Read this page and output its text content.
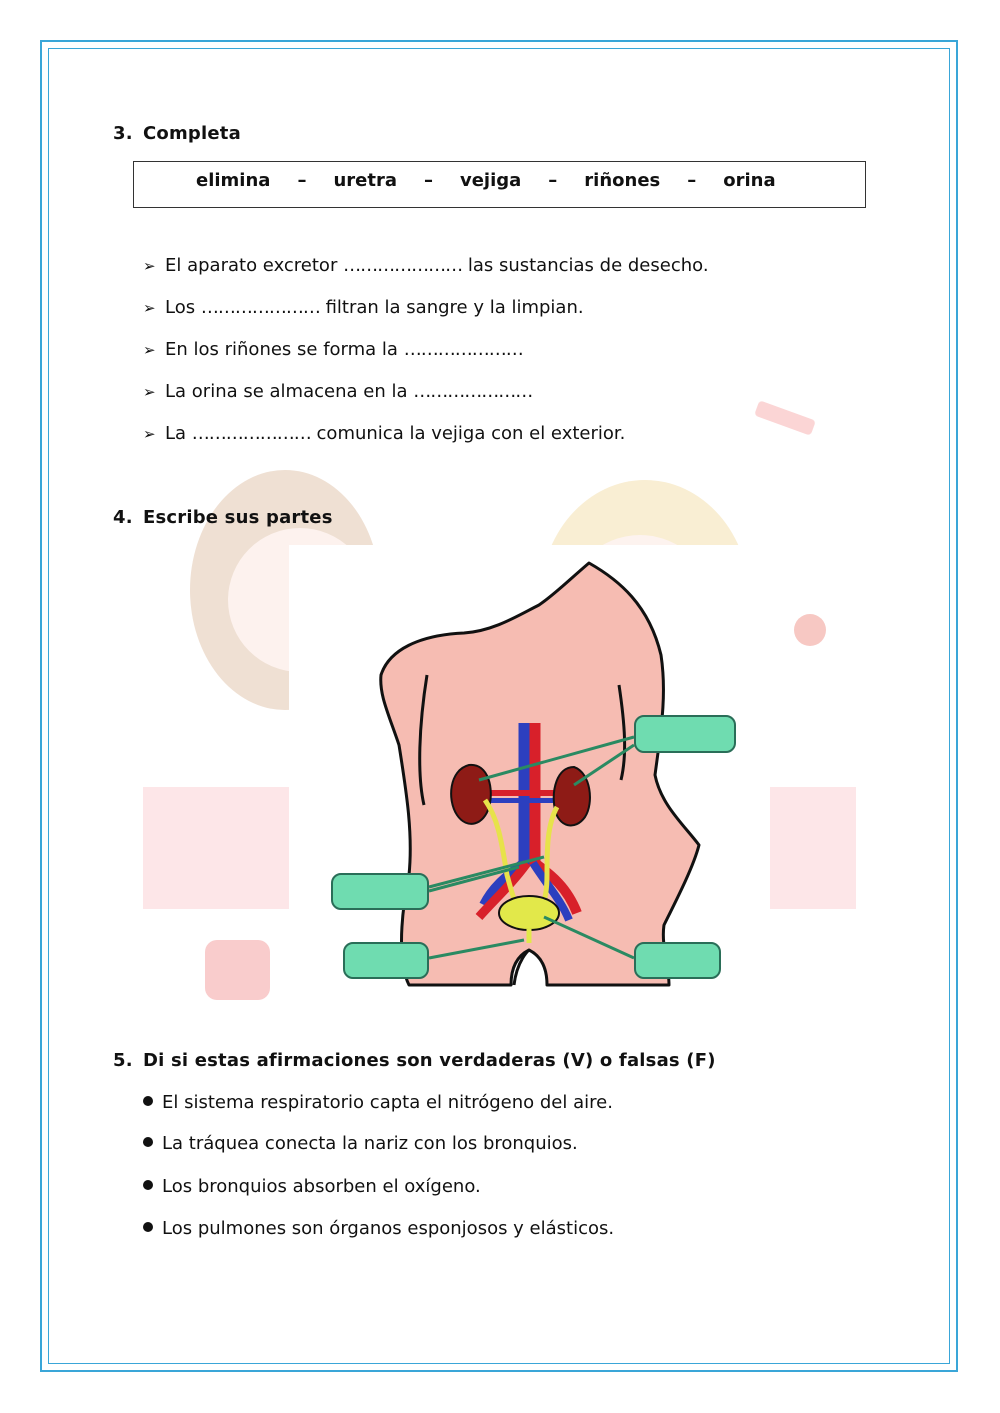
3. Completa
elimina – uretra – vejiga – riñones – orina
➢ El aparato excretor ………………… las sustancias de desecho.
➢ Los ………………… filtran la sangre y la limpian.
➢ En los riñones se forma la …………………
➢ La orina se almacena en la …………………
➢ La ………………… comunica la vejiga con el exterior.
4. Escribe sus partes
5. Di si estas afirmaciones son verdaderas (V) o falsas (F)
El sistema respiratorio capta el nitrógeno del aire.
La tráquea conecta la nariz con los bronquios.
Los bronquios absorben el oxígeno.
Los pulmones son órganos esponjosos y elásticos.
